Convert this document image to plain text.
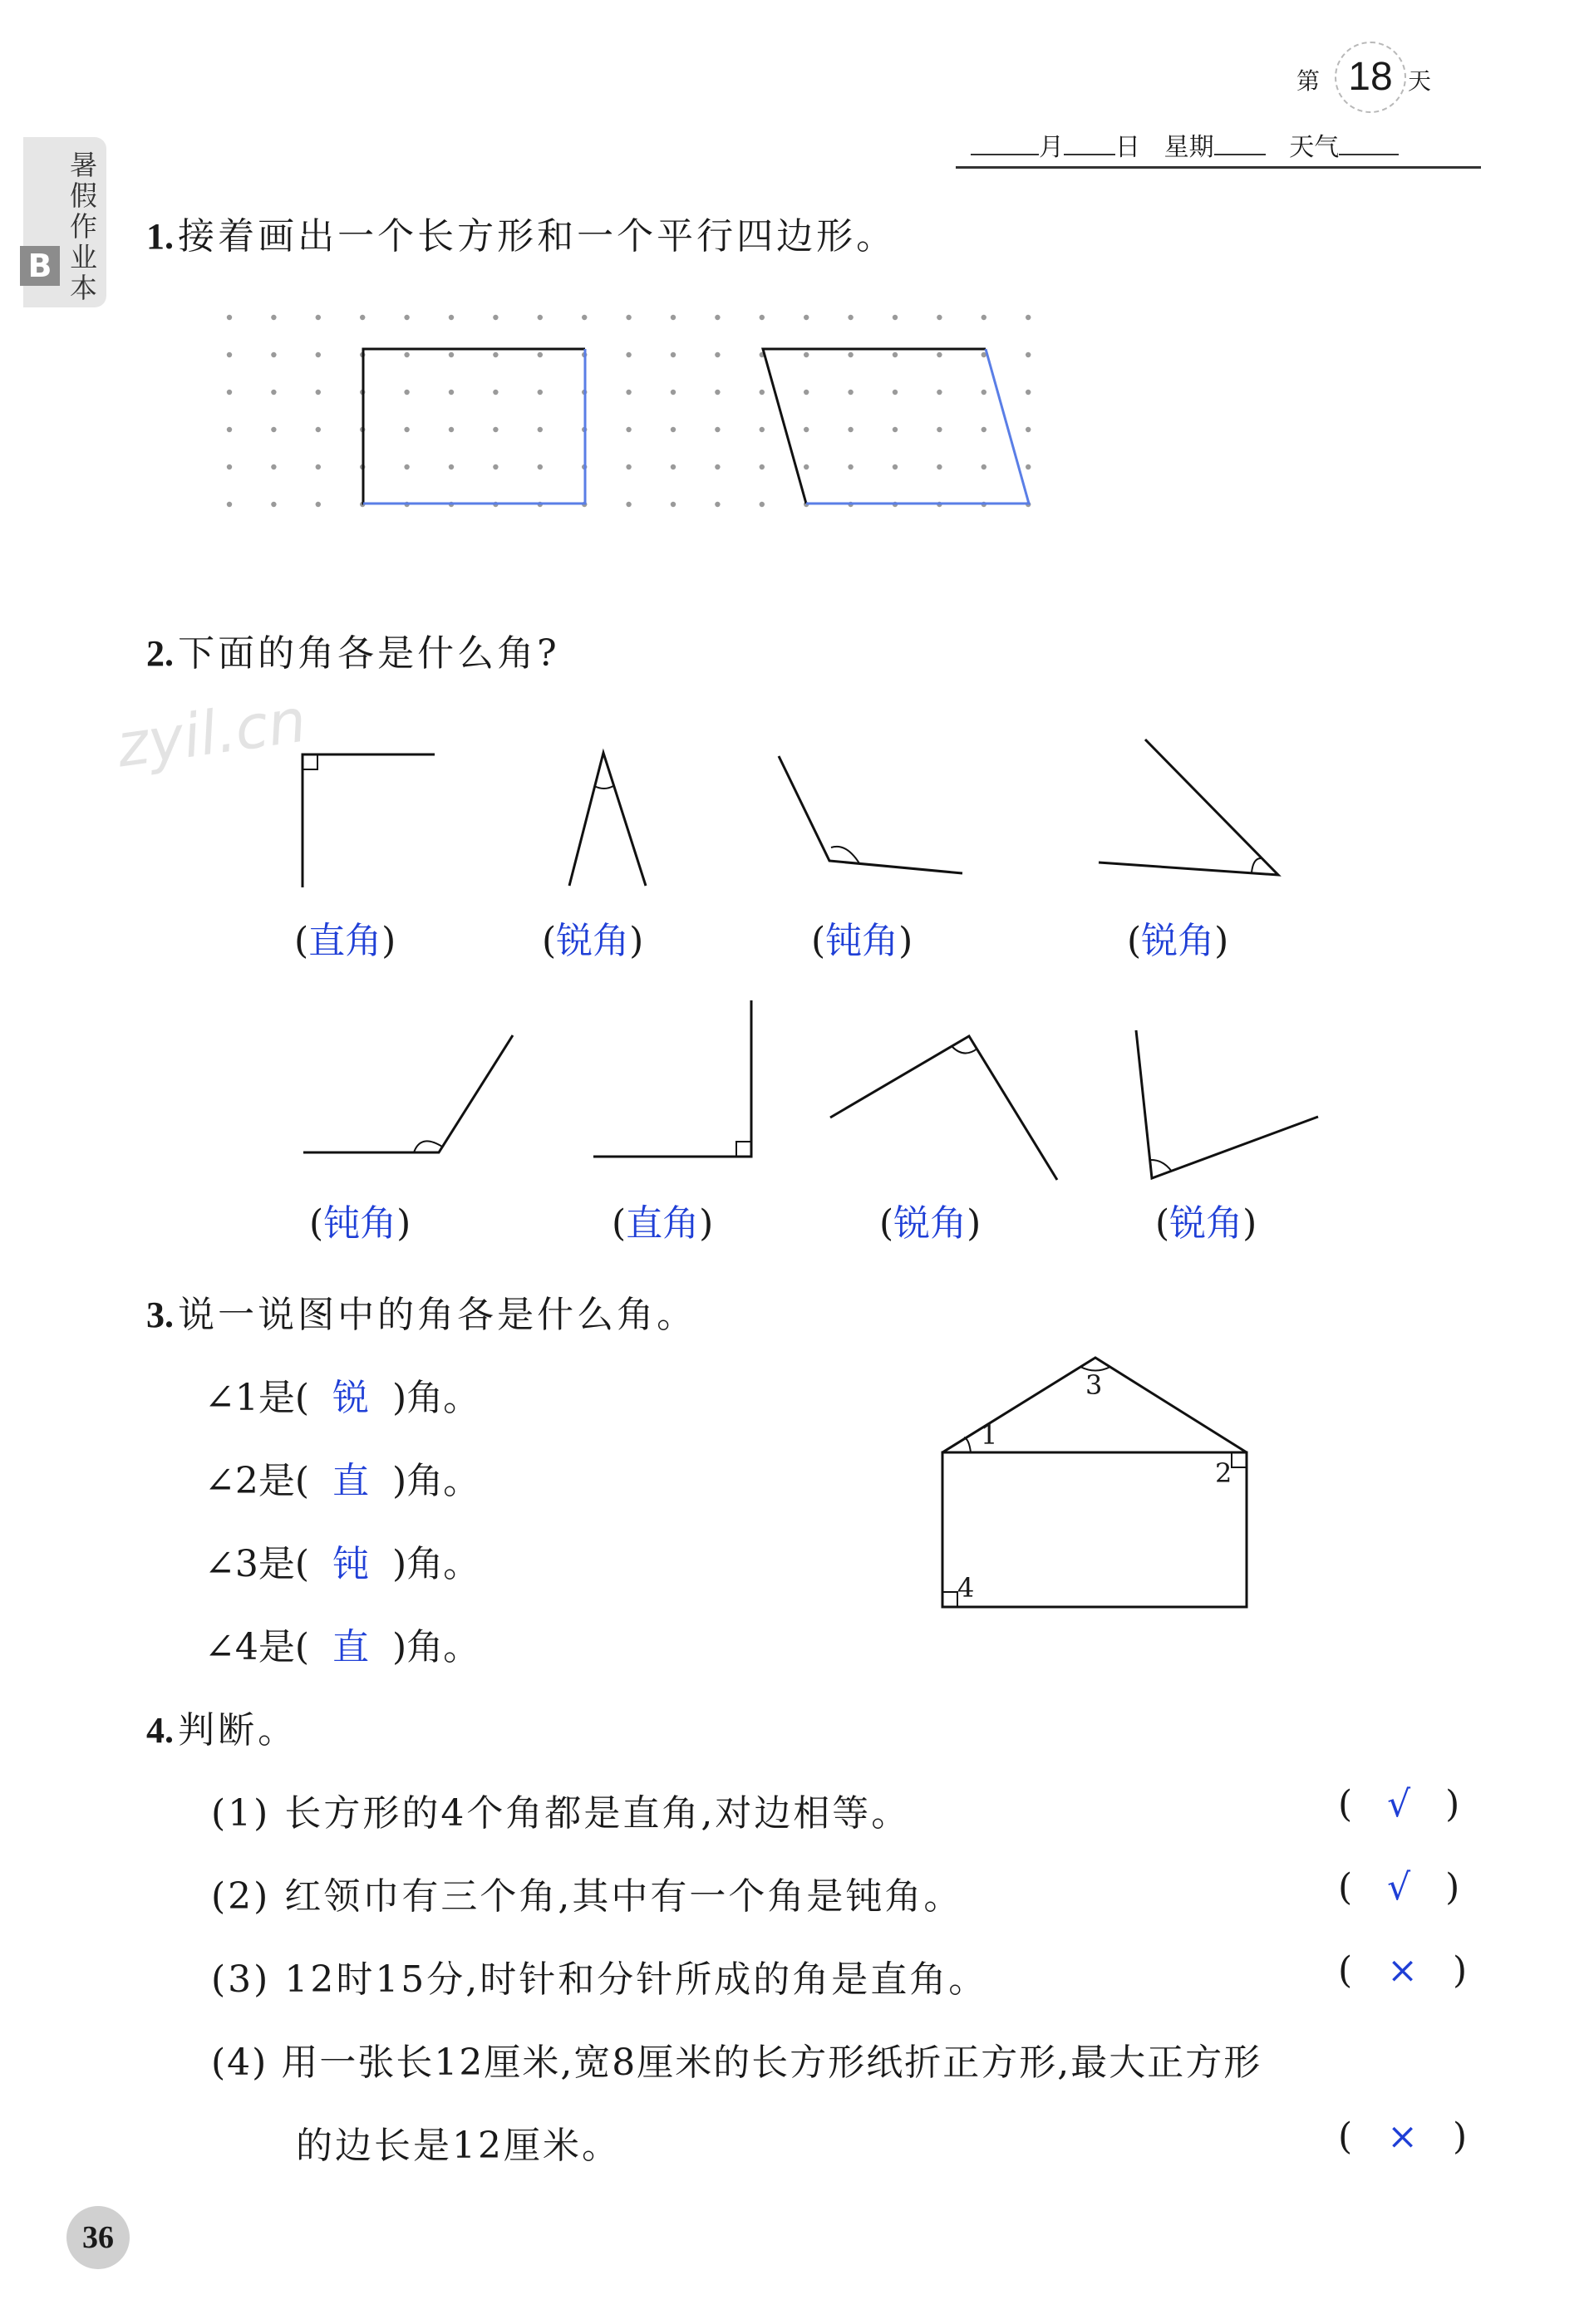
暑假作业本
B
第 18 天
月 日 星期	天气
zyil.cn
1. 接着画出一个长方形和一个平行四边形。
2. 下面的角各是什么角?
(直角)	(锐角)	(钝角)	(锐角)
(钝角)	(直角)	(锐角)	(锐角)
3. 说一说图中的角各是什么角。
∠1是( 锐 )角。
∠2是( 直 )角。
∠3是( 钝 )角。
∠4是( 直 )角。
1
2
3
4
4. 判断。
(1) 长方形的4个角都是直角,对边相等。	(   √   )
(2) 红领巾有三个角,其中有一个角是钝角。	(   √   )
(3) 12时15分,时针和分针所成的角是直角。	(   ×   )
(4) 用一张长12厘米,宽8厘米的长方形纸折正方形,最大正方形
的边长是12厘米。	(   ×   )
36
